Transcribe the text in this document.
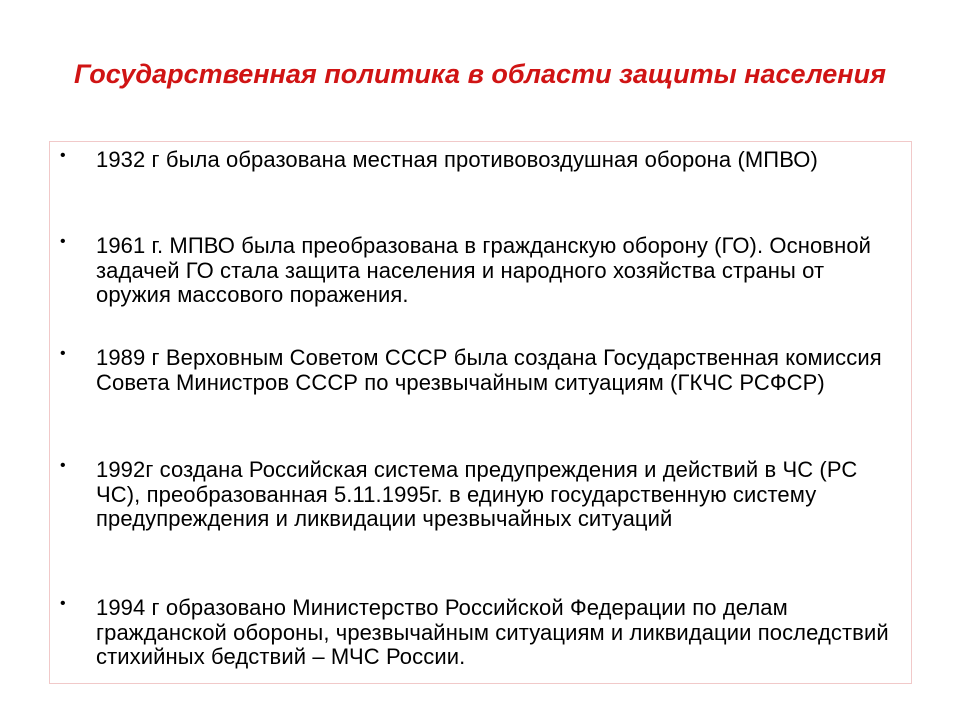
Государственная политика в области защиты населения
• 1932 г была образована местная противовоздушная оборона (МПВО)
• 1961 г. МПВО была преобразована в гражданскую оборону (ГО). Основной задачей ГО стала защита населения и народного хозяйства страны от оружия массового поражения.
• 1989 г Верховным Советом СССР была создана Государственная комиссия Совета Министров СССР по чрезвычайным ситуациям (ГКЧС РСФСР)
• 1992г создана Российская система предупреждения и действий в ЧС (РС ЧС), преобразованная 5.11.1995г. в единую государственную систему предупреждения и ликвидации чрезвычайных ситуаций
• 1994 г образовано Министерство Российской Федерации по делам гражданской обороны, чрезвычайным ситуациям и ликвидации последствий стихийных бедствий – МЧС России.
